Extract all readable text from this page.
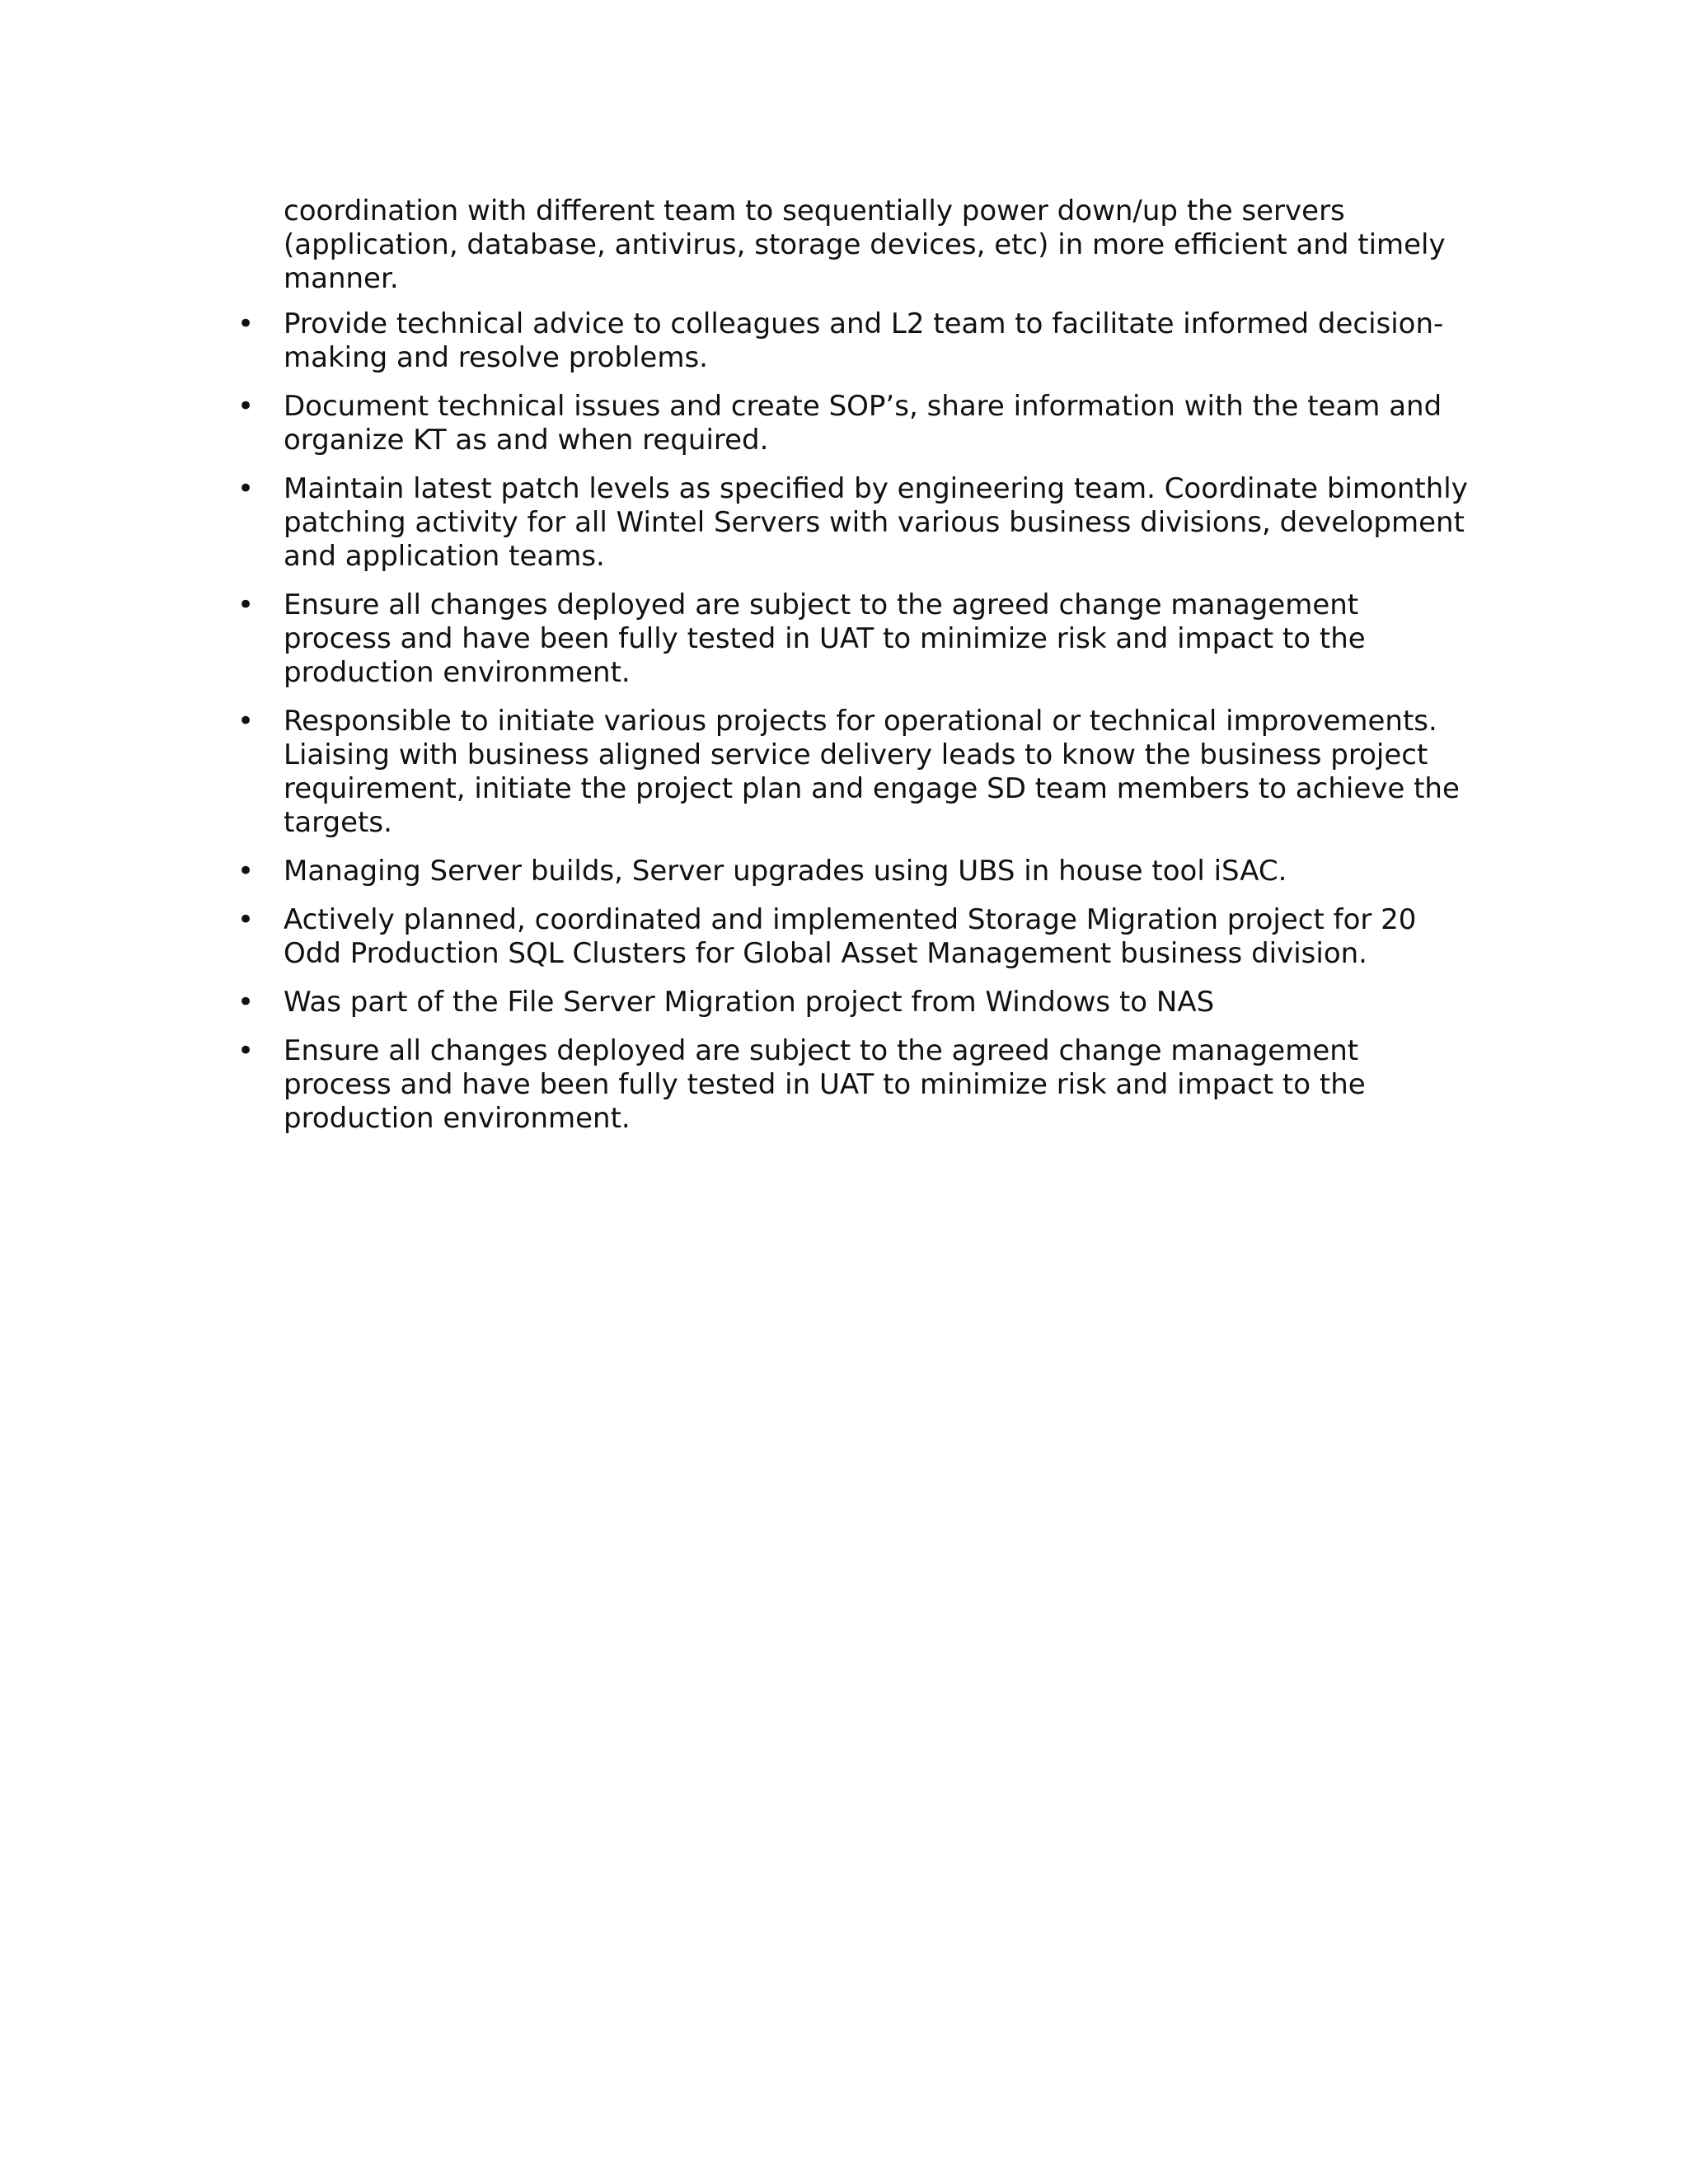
coordination with different team to sequentially power down/up the servers (application, database, antivirus, storage devices, etc) in more efficient and timely manner.

•	Provide technical advice to colleagues and L2 team to facilitate informed decision-making and resolve problems.
•	Document technical issues and create SOP’s, share information with the team and organize KT as and when required.
•	Maintain latest patch levels as specified by engineering team. Coordinate bimonthly patching activity for all Wintel Servers with various business divisions, development and application teams.
•	Ensure all changes deployed are subject to the agreed change management process and have been fully tested in UAT to minimize risk and impact to the production environment.
•	Responsible to initiate various projects for operational or technical improvements. Liaising with business aligned service delivery leads to know the business project requirement, initiate the project plan and engage SD team members to achieve the targets.
•	Managing Server builds, Server upgrades using UBS in house tool iSAC.
•	Actively planned, coordinated and implemented Storage Migration project for 20 Odd Production SQL Clusters for Global Asset Management business division.
•	Was part of the File Server Migration project from Windows to NAS
•	Ensure all changes deployed are subject to the agreed change management process and have been fully tested in UAT to minimize risk and impact to the production environment.
